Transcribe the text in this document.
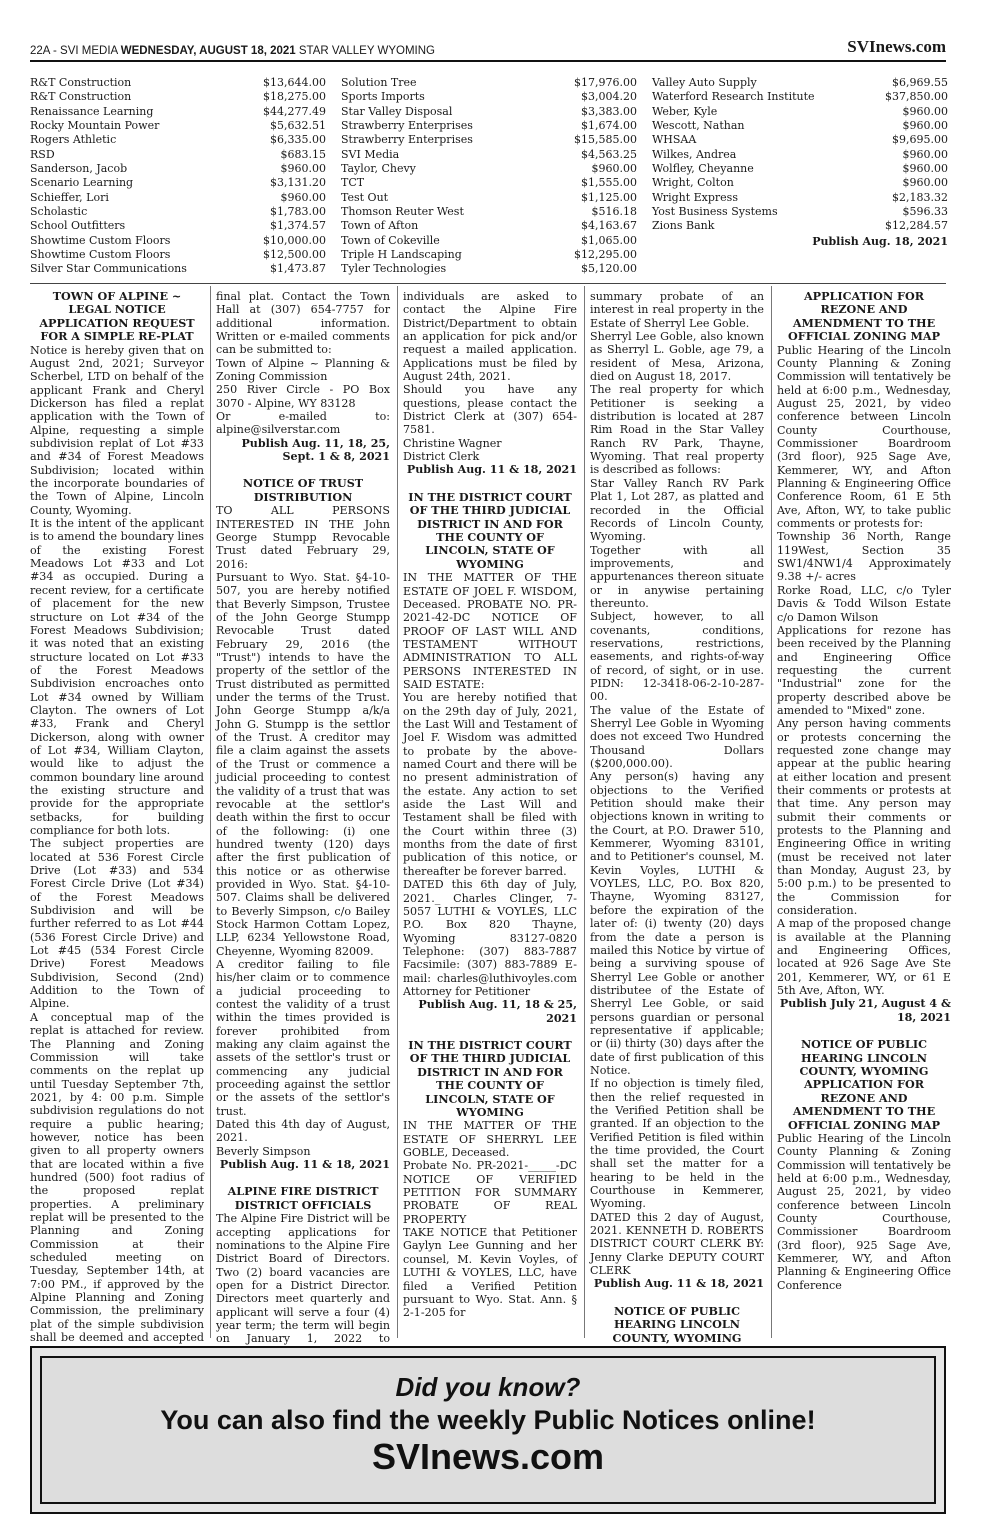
22A - SVI MEDIA WEDNESDAY, AUGUST 18, 2021 STAR VALLEY WYOMING	SVInews.com
R&T Construction	$13,644.00
R&T Construction	$18,275.00
Renaissance Learning	$44,277.49
Rocky Mountain Power	$5,632.51
Rogers Athletic	$6,335.00
RSD	$683.15
Sanderson, Jacob	$960.00
Scenario Learning	$3,131.20
Schieffer, Lori	$960.00
Scholastic	$1,783.00
School Outfitters	$1,374.57
Showtime Custom Floors	$10,000.00
Showtime Custom Floors	$12,500.00
Silver Star Communications	$1,473.87
Solution Tree	$17,976.00
Sports Imports	$3,004.20
Star Valley Disposal	$3,383.00
Strawberry Enterprises	$1,674.00
Strawberry Enterprises	$15,585.00
SVI Media	$4,563.25
Taylor, Chevy	$960.00
TCT	$1,555.00
Test Out	$1,125.00
Thomson Reuter West	$516.18
Town of Afton	$4,163.67
Town of Cokeville	$1,065.00
Triple H Landscaping	$12,295.00
Tyler Technologies	$5,120.00
Valley Auto Supply	$6,969.55
Waterford Research Institute	$37,850.00
Weber, Kyle	$960.00
Wescott, Nathan	$960.00
WHSAA	$9,695.00
Wilkes, Andrea	$960.00
Wolfley, Cheyanne	$960.00
Wright, Colton	$960.00
Wright Express	$2,183.32
Yost Business Systems	$596.33
Zions Bank	$12,284.57
Publish Aug. 18, 2021
TOWN OF ALPINE ~ LEGAL NOTICE APPLICATION REQUEST FOR A SIMPLE RE-PLAT

Notice is hereby given that on August 2nd, 2021; Surveyor Scherbel, LTD on behalf of the applicant Frank and Cheryl Dickerson has filed a replat application with the Town of Alpine, requesting a simple subdivision replat of Lot #33 and #34 of Forest Meadows Subdivision; located within the incorporate boundaries of the Town of Alpine, Lincoln County, Wyoming.

It is the intent of the applicant is to amend the boundary lines of the existing Forest Meadows Lot #33 and Lot #34 as occupied. During a recent review, for a certificate of placement for the new structure on Lot #34 of the Forest Meadows Subdivision; it was noted that an existing structure located on Lot #33 of the Forest Meadows Subdivision encroaches onto Lot #34 owned by William Clayton. The owners of Lot #33, Frank and Cheryl Dickerson, along with owner of Lot #34, William Clayton, would like to adjust the common boundary line around the existing structure and provide for the appropriate setbacks, for building compliance for both lots.

The subject properties are located at 536 Forest Circle Drive (Lot #33) and 534 Forest Circle Drive (Lot #34) of the Forest Meadows Subdivision and will be further referred to as Lot #44 (536 Forest Circle Drive) and Lot #45 (534 Forest Circle Drive) Forest Meadows Subdivision, Second (2nd) Addition to the Town of Alpine.

A conceptual map of the replat is attached for review. The Planning and Zoning Commission will take comments on the replat up until Tuesday September 7th, 2021, by 4: 00 p.m. Simple subdivision regulations do not require a public hearing; however, notice has been given to all property owners that are located within a five hundred (500) foot radius of the proposed replat properties. A preliminary replat will be presented to the Planning and Zoning Commission at their scheduled meeting on Tuesday, September 14th, at 7:00 PM., if approved by the Alpine Planning and Zoning Commission, the preliminary plat of the simple subdivision shall be deemed and accepted

final plat. Contact the Town Hall at (307) 654-7757 for additional information. Written or e-mailed comments can be submitted to:

Town of Alpine ~ Planning & Zoning Commission

250 River Circle - PO Box 3070 - Alpine, WY 83128

Or e-mailed to: alpine@silverstar.com

Publish Aug. 11, 18, 25, Sept. 1 & 8, 2021

NOTICE OF TRUST DISTRIBUTION

TO ALL PERSONS INTERESTED IN THE John George Stumpp Revocable Trust dated February 29, 2016:

Pursuant to Wyo. Stat. §4-10-507, you are hereby notified that Beverly Simpson, Trustee of the John George Stumpp Revocable Trust dated February 29, 2016 (the "Trust") intends to have the property of the settlor of the Trust distributed as permitted under the terms of the Trust. John George Stumpp a/k/a John G. Stumpp is the settlor of the Trust. A creditor may file a claim against the assets of the Trust or commence a judicial proceeding to contest the validity of a trust that was revocable at the settlor's death within the first to occur of the following: (i) one hundred twenty (120) days after the first publication of this notice or as otherwise provided in Wyo. Stat. §4-10-507. Claims shall be delivered to Beverly Simpson, c/o Bailey Stock Harmon Cottam Lopez, LLP, 6234 Yellowstone Road, Cheyenne, Wyoming 82009.

A creditor failing to file his/her claim or to commence a judicial proceeding to contest the validity of a trust within the times provided is forever prohibited from making any claim against the assets of the settlor's trust or commencing any judicial proceeding against the settlor or the assets of the settlor's trust.

Dated this 4th day of August, 2021.

Beverly Simpson

Publish Aug. 11 & 18, 2021

ALPINE FIRE DISTRICT DISTRICT OFFICIALS

The Alpine Fire District will be accepting applications for nominations to the Alpine Fire District Board of Directors. Two (2) board vacancies are open for a District Director. Directors meet quarterly and applicant will serve a four (4) year term; the term will begin on January 1, 2022 to

individuals are asked to contact the Alpine Fire District/Department to obtain an application for pick and/or request a mailed application. Applications must be filed by August 24th, 2021.

Should you have any questions, please contact the District Clerk at (307) 654-7581.

Christine Wagner

District Clerk

Publish Aug. 11 & 18, 2021

IN THE DISTRICT COURT OF THE THIRD JUDICIAL DISTRICT IN AND FOR THE COUNTY OF LINCOLN, STATE OF WYOMING

IN THE MATTER OF THE ESTATE OF JOEL F. WISDOM, Deceased. PROBATE NO. PR-2021-42-DC NOTICE OF PROOF OF LAST WILL AND TESTAMENT WITHOUT ADMINISTRATION TO ALL PERSONS INTERESTED IN SAID ESTATE:

You are hereby notified that on the 29th day of July, 2021, the Last Will and Testament of Joel F. Wisdom was admitted to probate by the above-named Court and there will be no present administration of the estate. Any action to set aside the Last Will and Testament shall be filed with the Court within three (3) months from the date of first publication of this notice, or thereafter be forever barred.

DATED this 6th day of July, 2021._ Charles Clinger, 7-5057 LUTHI & VOYLES, LLC P.O. Box 820 Thayne, Wyoming 83127-0820 Telephone: (307) 883-7887 Facsimile: (307) 883-7889 E-mail: charles@luthivoyles.com Attorney for Petitioner

Publish Aug. 11, 18 & 25, 2021

IN THE DISTRICT COURT OF THE THIRD JUDICIAL DISTRICT IN AND FOR THE COUNTY OF LINCOLN, STATE OF WYOMING

IN THE MATTER OF THE ESTATE OF SHERRYL LEE GOBLE, Deceased.

Probate No. PR-2021-_____-DC NOTICE OF VERIFIED PETITION FOR SUMMARY PROBATE OF REAL PROPERTY

TAKE NOTICE that Petitioner Gaylyn Lee Gunning and her counsel, M. Kevin Voyles, of LUTHI & VOYLES, LLC, have filed a Verified Petition pursuant to Wyo. Stat. Ann. § 2-1-205 for

summary probate of an interest in real property in the Estate of Sherryl Lee Goble.

Sherryl Lee Goble, also known as Sherryl L. Goble, age 79, a resident of Mesa, Arizona, died on August 18, 2017.

The real property for which Petitioner is seeking a distribution is located at 287 Rim Road in the Star Valley Ranch RV Park, Thayne, Wyoming. That real property is described as follows:

Star Valley Ranch RV Park Plat 1, Lot 287, as platted and recorded in the Official Records of Lincoln County, Wyoming.

Together with all improvements, and appurtenances thereon situate or in anywise pertaining thereunto.

Subject, however, to all covenants, conditions, reservations, restrictions, easements, and rights-of-way of record, of sight, or in use. PIDN: 12-3418-06-2-10-287-00.

The value of the Estate of Sherryl Lee Goble in Wyoming does not exceed Two Hundred Thousand Dollars ($200,000.00).

Any person(s) having any objections to the Verified Petition should make their objections known in writing to the Court, at P.O. Drawer 510, Kemmerer, Wyoming 83101, and to Petitioner's counsel, M. Kevin Voyles, LUTHI & VOYLES, LLC, P.O. Box 820, Thayne, Wyoming 83127, before the expiration of the later of: (i) twenty (20) days from the date a person is mailed this Notice by virtue of being a surviving spouse of Sherryl Lee Goble or another distributee of the Estate of Sherryl Lee Goble, or said persons guardian or personal representative if applicable; or (ii) thirty (30) days after the date of first publication of this Notice.

If no objection is timely filed, then the relief requested in the Verified Petition shall be granted. If an objection to the Verified Petition is filed within the time provided, the Court shall set the matter for a hearing to be held in the Courthouse in Kemmerer, Wyoming.

DATED this 2 day of August, 2021. KENNETH D. ROBERTS DISTRICT COURT CLERK BY: Jenny Clarke DEPUTY COURT CLERK

Publish Aug. 11 & 18, 2021

NOTICE OF PUBLIC HEARING LINCOLN COUNTY, WYOMING
APPLICATION FOR REZONE AND AMENDMENT TO THE OFFICIAL ZONING MAP

Public Hearing of the Lincoln County Planning & Zoning Commission will tentatively be held at 6:00 p.m., Wednesday, August 25, 2021, by video conference between Lincoln County Courthouse, Commissioner Boardroom (3rd floor), 925 Sage Ave, Kemmerer, WY, and Afton Planning & Engineering Office Conference Room, 61 E 5th Ave, Afton, WY, to take public comments or protests for:

Township 36 North, Range 119West, Section 35 SW1/4NW1/4 Approximately 9.38 +/- acres

Rorke Road, LLC, c/o Tyler Davis & Todd Wilson Estate c/o Damon Wilson

Applications for rezone has been received by the Planning and Engineering Office requesting the current "Industrial" zone for the property described above be amended to "Mixed" zone.

Any person having comments or protests concerning the requested zone change may appear at the public hearing at either location and present their comments or protests at that time. Any person may submit their comments or protests to the Planning and Engineering Office in writing (must be received not later than Monday, August 23, by 5:00 p.m.) to be presented to the Commission for consideration.

A map of the proposed change is available at the Planning and Engineering Offices, located at 926 Sage Ave Ste 201, Kemmerer, WY, or 61 E 5th Ave, Afton, WY.

Publish July 21, August 4 & 18, 2021

NOTICE OF PUBLIC HEARING LINCOLN COUNTY, WYOMING APPLICATION FOR REZONE AND AMENDMENT TO THE OFFICIAL ZONING MAP

Public Hearing of the Lincoln County Planning & Zoning Commission will tentatively be held at 6:00 p.m., Wednesday, August 25, 2021, by video conference between Lincoln County Courthouse, Commissioner Boardroom (3rd floor), 925 Sage Ave, Kemmerer, WY, and Afton Planning & Engineering Office Conference

Did you know?
You can also find the weekly Public Notices online!
SVInews.com
